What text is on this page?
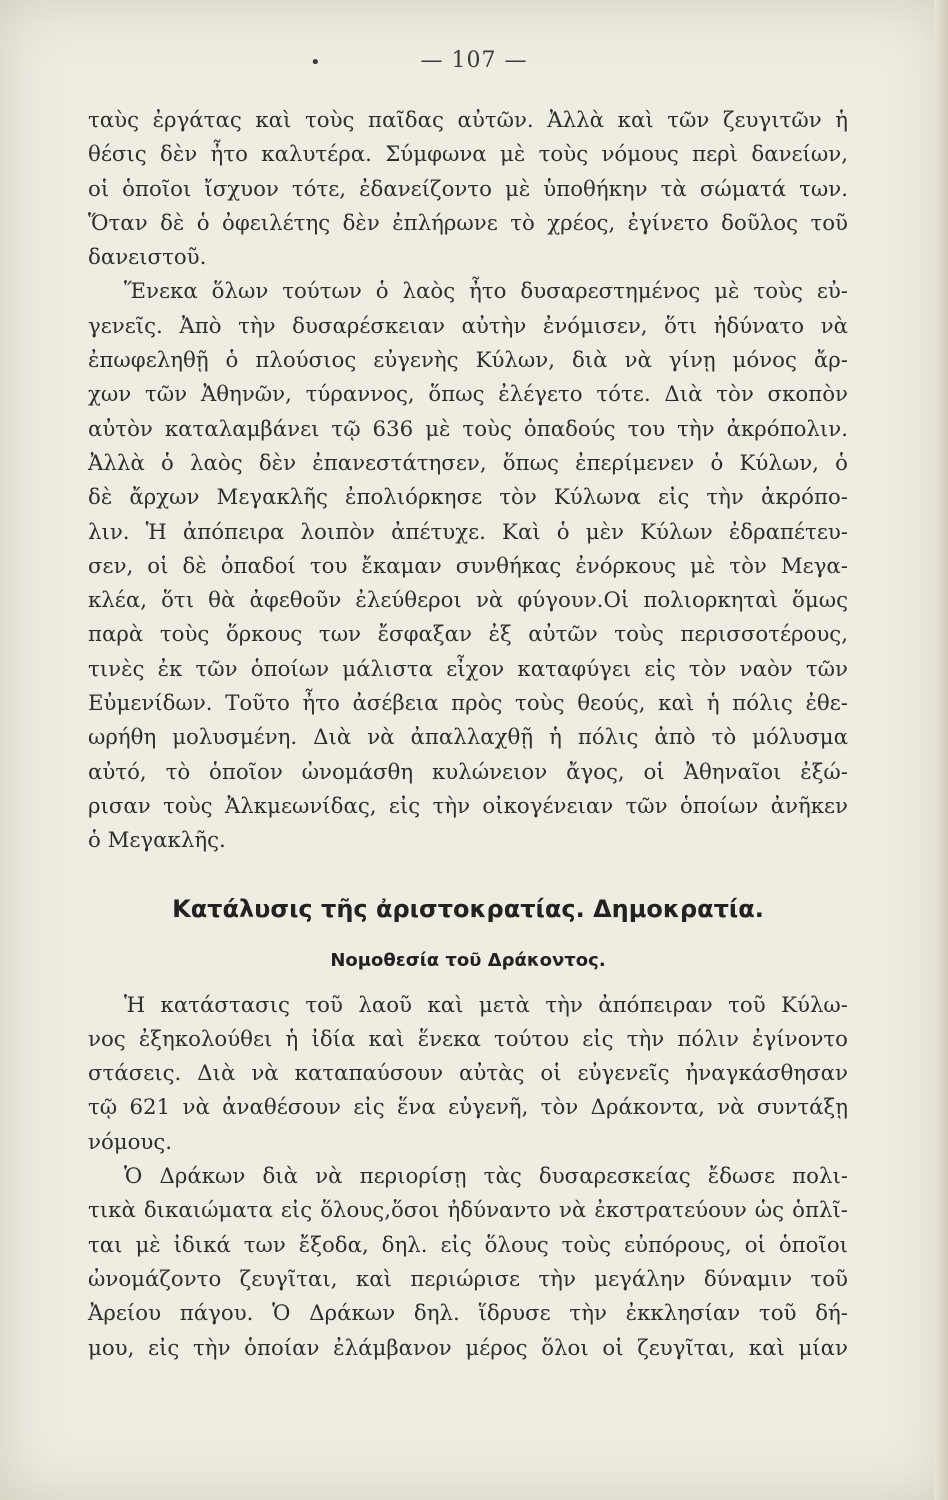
•	— 107 —
ταὺς ἐργάτας καὶ τοὺς παῖδας αὐτῶν. Ἀλλὰ καὶ τῶν ζευγιτῶν ἡ
θέσις δὲν ἦτο καλυτέρα. Σύμφωνα μὲ τοὺς νόμους περὶ δανείων,
οἱ ὁποῖοι ἴσχυον τότε, ἐδανείζοντο μὲ ὑποθήκην τὰ σώματά των.
Ὅταν δὲ ὁ ὀφειλέτης δὲν ἐπλήρωνε τὸ χρέος, ἐγίνετο δοῦλος τοῦ
δανειστοῦ.
Ἕνεκα ὅλων τούτων ὁ λαὸς ἦτο δυσαρεστημένος μὲ τοὺς εὐ-
γενεῖς. Ἀπὸ τὴν δυσαρέσκειαν αὐτὴν ἐνόμισεν, ὅτι ἠδύνατο νὰ
ἐπωφεληθῇ ὁ πλούσιος εὐγενὴς Κύλων, διὰ νὰ γίνῃ μόνος ἄρ-
χων τῶν Ἀθηνῶν, τύραννος, ὅπως ἐλέγετο τότε. Διὰ τὸν σκοπὸν
αὐτὸν καταλαμβάνει τῷ 636 μὲ τοὺς ὀπαδούς του τὴν ἀκρόπολιν.
Ἀλλὰ ὁ λαὸς δὲν ἐπανεστάτησεν, ὅπως ἐπερίμενεν ὁ Κύλων, ὁ
δὲ ἄρχων Μεγακλῆς ἐπολιόρκησε τὸν Κύλωνα εἰς τὴν ἀκρόπο-
λιν. Ἡ ἀπόπειρα λοιπὸν ἀπέτυχε. Καὶ ὁ μὲν Κύλων ἐδραπέτευ-
σεν, οἱ δὲ ὀπαδοί του ἔκαμαν συνθήκας ἐνόρκους μὲ τὸν Μεγα-
κλέα, ὅτι θὰ ἀφεθοῦν ἐλεύθεροι νὰ φύγουν.Οἱ πολιορκηταὶ ὅμως
παρὰ τοὺς ὅρκους των ἔσφαξαν ἐξ αὐτῶν τοὺς περισσοτέρους,
τινὲς ἐκ τῶν ὁποίων μάλιστα εἶχον καταφύγει εἰς τὸν ναὸν τῶν
Εὐμενίδων. Τοῦτο ἦτο ἀσέβεια πρὸς τοὺς θεούς, καὶ ἡ πόλις ἐθε-
ωρήθη μολυσμένη. Διὰ νὰ ἀπαλλαχθῇ ἡ πόλις ἀπὸ τὸ μόλυσμα
αὐτό, τὸ ὁποῖον ὠνομάσθη κυλώνειον ἄγος, οἱ Ἀθηναῖοι ἐξώ-
ρισαν τοὺς Ἀλκμεωνίδας, εἰς τὴν οἰκογένειαν τῶν ὁποίων ἀνῆκεν
ὁ Μεγακλῆς.
Κατάλυσις τῆς ἀριστοκρατίας. Δημοκρατία.
Νομοθεσία τοῦ Δράκοντος.
Ἡ κατάστασις τοῦ λαοῦ καὶ μετὰ τὴν ἀπόπειραν τοῦ Κύλω-
νος ἐξηκολούθει ἡ ἰδία καὶ ἕνεκα τούτου εἰς τὴν πόλιν ἐγίνοντο
στάσεις. Διὰ νὰ καταπαύσουν αὐτὰς οἱ εὐγενεῖς ἠναγκάσθησαν
τῷ 621 νὰ ἀναθέσουν εἰς ἕνα εὐγενῆ, τὸν Δράκοντα, νὰ συντάξῃ
νόμους.
Ὁ Δράκων διὰ νὰ περιορίσῃ τὰς δυσαρεσκείας ἔδωσε πολι-
τικὰ δικαιώματα εἰς ὅλους,ὅσοι ἠδύναντο νὰ ἐκστρατεύουν ὡς ὁπλῖ-
ται μὲ ἰδικά των ἔξοδα, δηλ. εἰς ὅλους τοὺς εὐπόρους, οἱ ὁποῖοι
ὠνομάζοντο ζευγῖται, καὶ περιώρισε τὴν μεγάλην δύναμιν τοῦ
Ἀρείου πάγου. Ὁ Δράκων δηλ. ἵδρυσε τὴν ἐκκλησίαν τοῦ δή-
μου, εἰς τὴν ὁποίαν ἐλάμβανον μέρος ὅλοι οἱ ζευγῖται, καὶ μίαν
